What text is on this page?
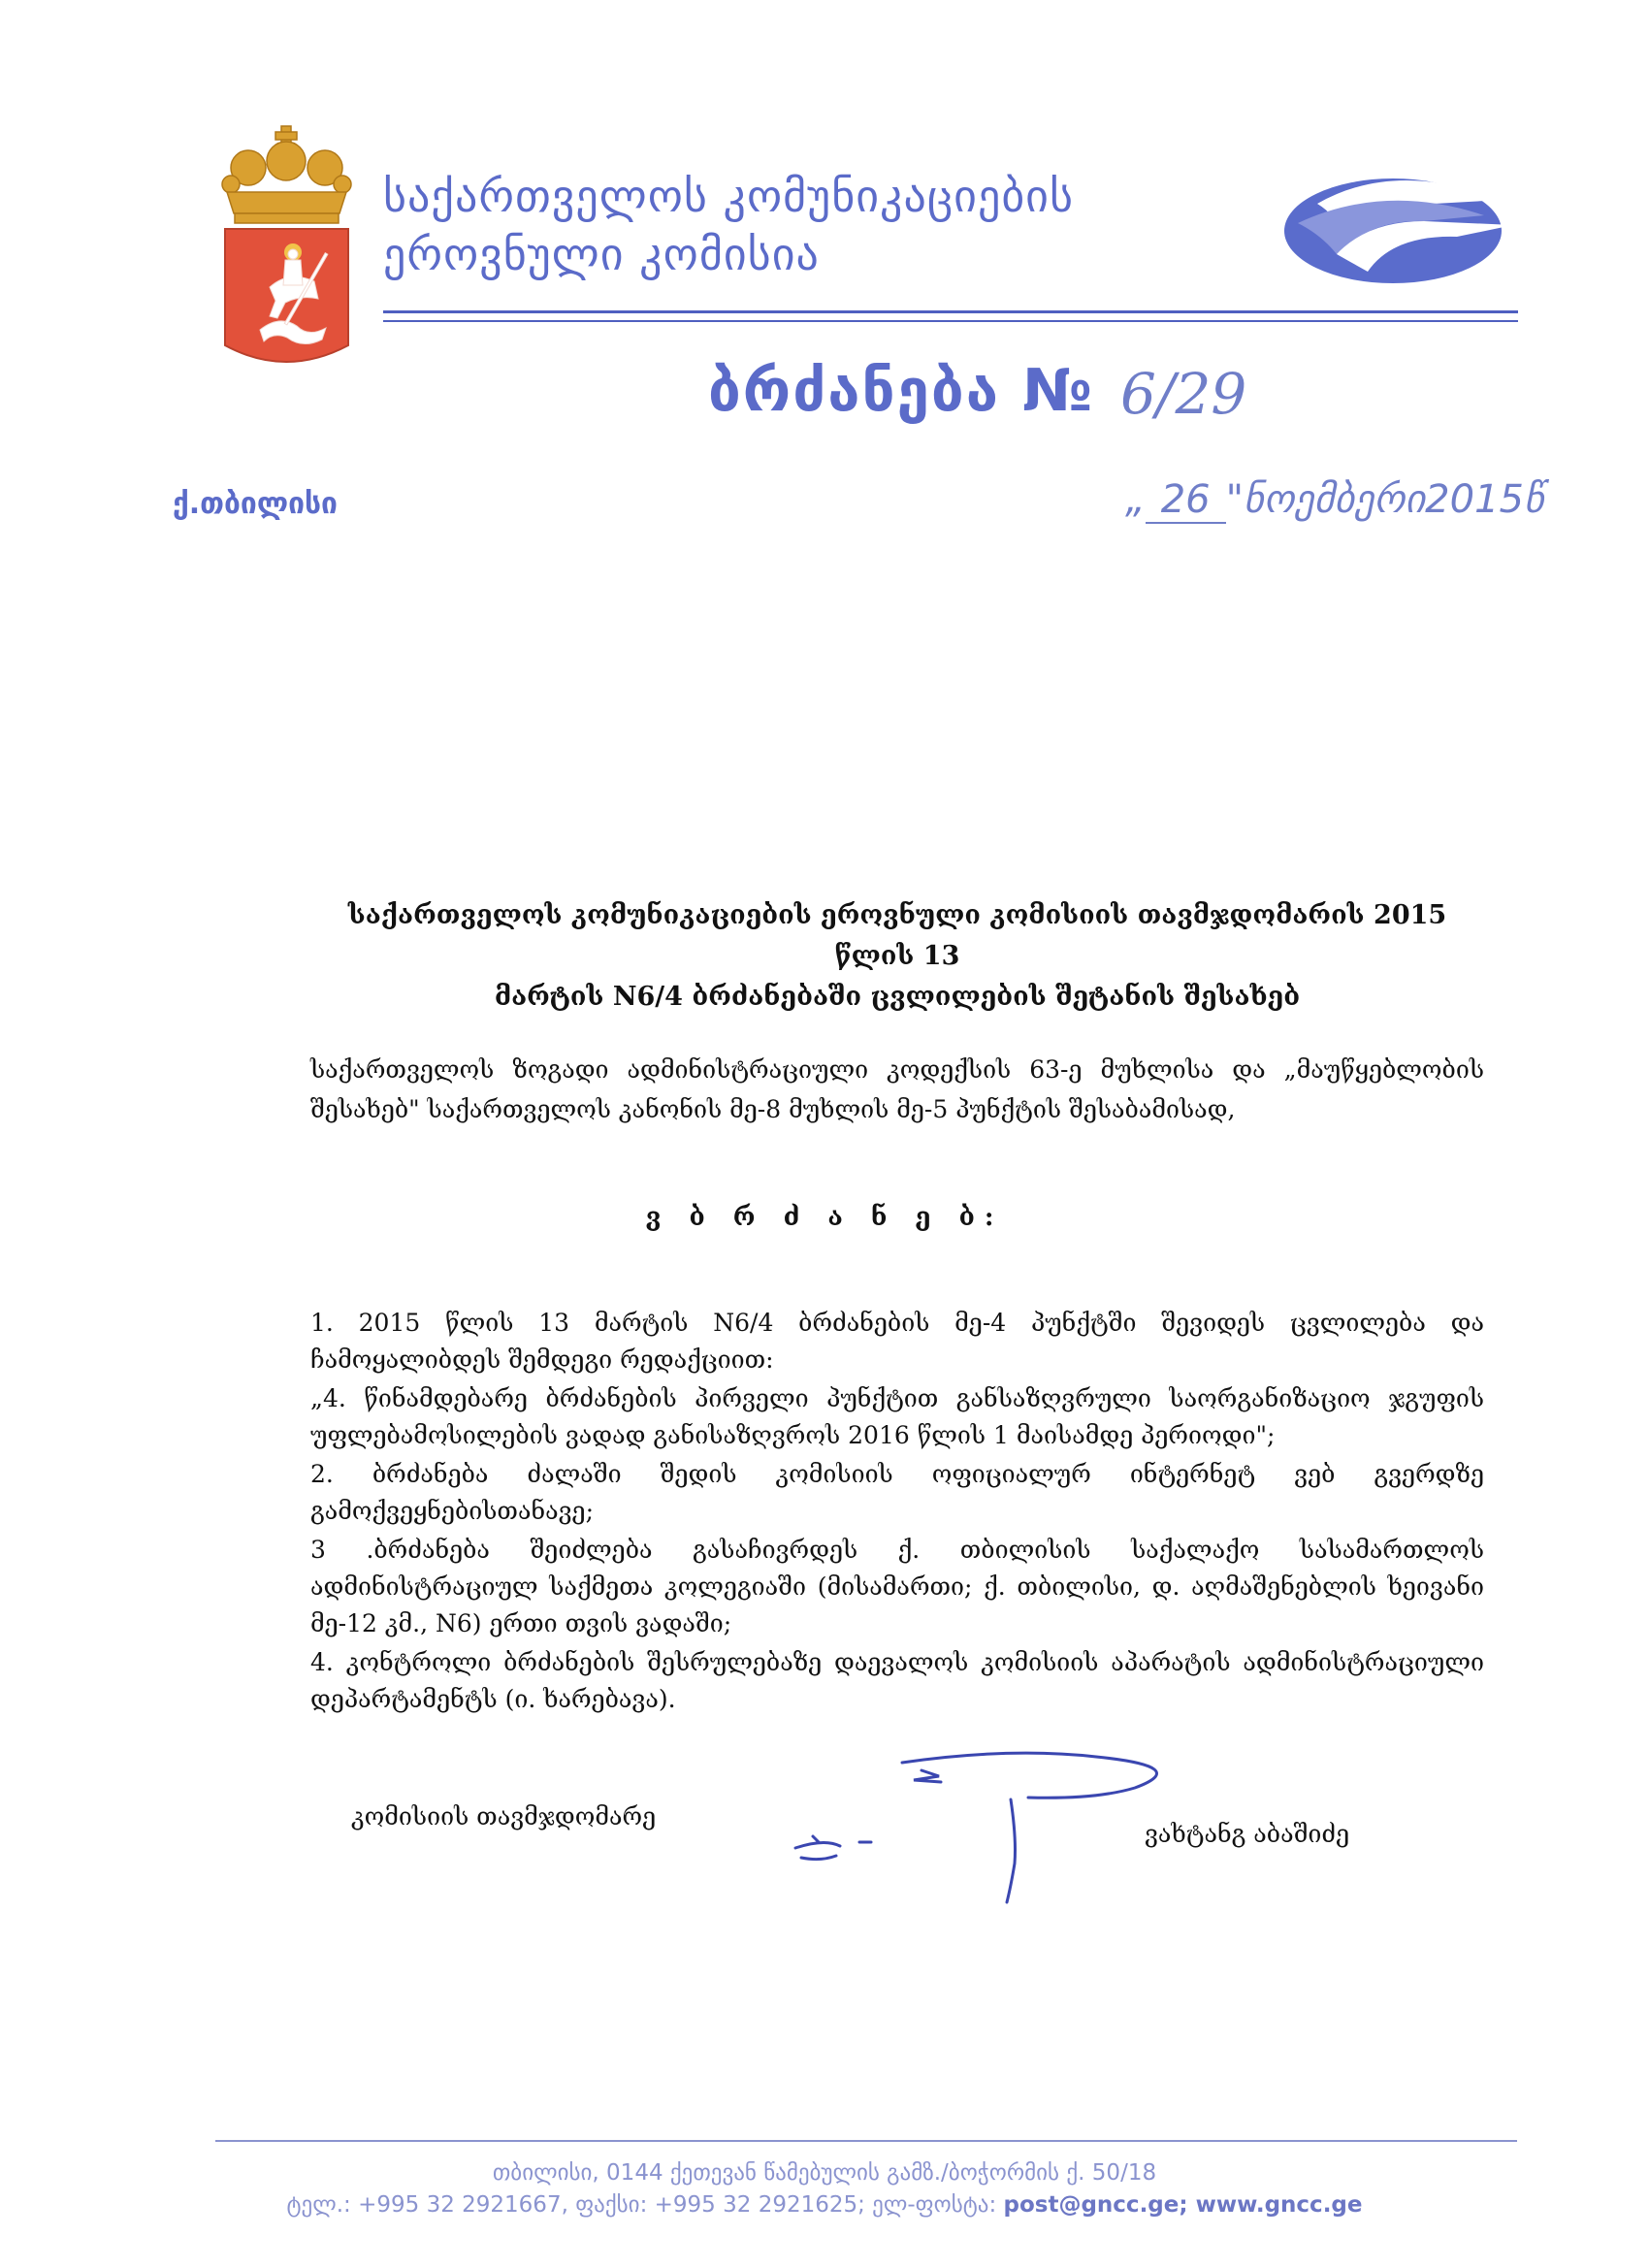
საქართველოს კომუნიკაციების
ეროვნული კომისია
ბრძანება № 6/29
ქ.თბილისი	„ 26 "ნოემბერი2015წ
საქართველოს კომუნიკაციების ეროვნული კომისიის თავმჯდომარის 2015 წლის 13
მარტის N6/4 ბრძანებაში ცვლილების შეტანის შესახებ
საქართველოს ზოგადი ადმინისტრაციული კოდექსის 63-ე მუხლისა და „მაუწყებლობის შესახებ" საქართველოს კანონის მე-8 მუხლის მე-5 პუნქტის შესაბამისად,
ვ ბ რ ძ ა ნ ე ბ:

1. 2015 წლის 13 მარტის N6/4 ბრძანების მე-4 პუნქტში შევიდეს ცვლილება და ჩამოყალიბდეს შემდეგი რედაქციით:

„4. წინამდებარე ბრძანების პირველი პუნქტით განსაზღვრული საორგანიზაციო ჯგუფის უფლებამოსილების ვადად განისაზღვროს 2016 წლის 1 მაისამდე პერიოდი";

2. ბრძანება ძალაში შედის კომისიის ოფიციალურ ინტერნეტ ვებ გვერდზე გამოქვეყნებისთანავე;

3 .ბრძანება შეიძლება გასაჩივრდეს ქ. თბილისის საქალაქო სასამართლოს ადმინისტრაციულ საქმეთა კოლეგიაში (მისამართი; ქ. თბილისი, დ. აღმაშენებლის ხეივანი მე-12 კმ., N6) ერთი თვის ვადაში;

4. კონტროლი ბრძანების შესრულებაზე დაევალოს კომისიის აპარატის ადმინისტრაციული დეპარტამენტს (ი. ხარებავა).

კომისიის თავმჯდომარე
ვახტანგ აბაშიძე
თბილისი, 0144 ქეთევან წამებულის გამზ./ბოჭორმის ქ. 50/18
ტელ.: +995 32 2921667, ფაქსი: +995 32 2921625; ელ-ფოსტა: post@gncc.ge; www.gncc.ge
